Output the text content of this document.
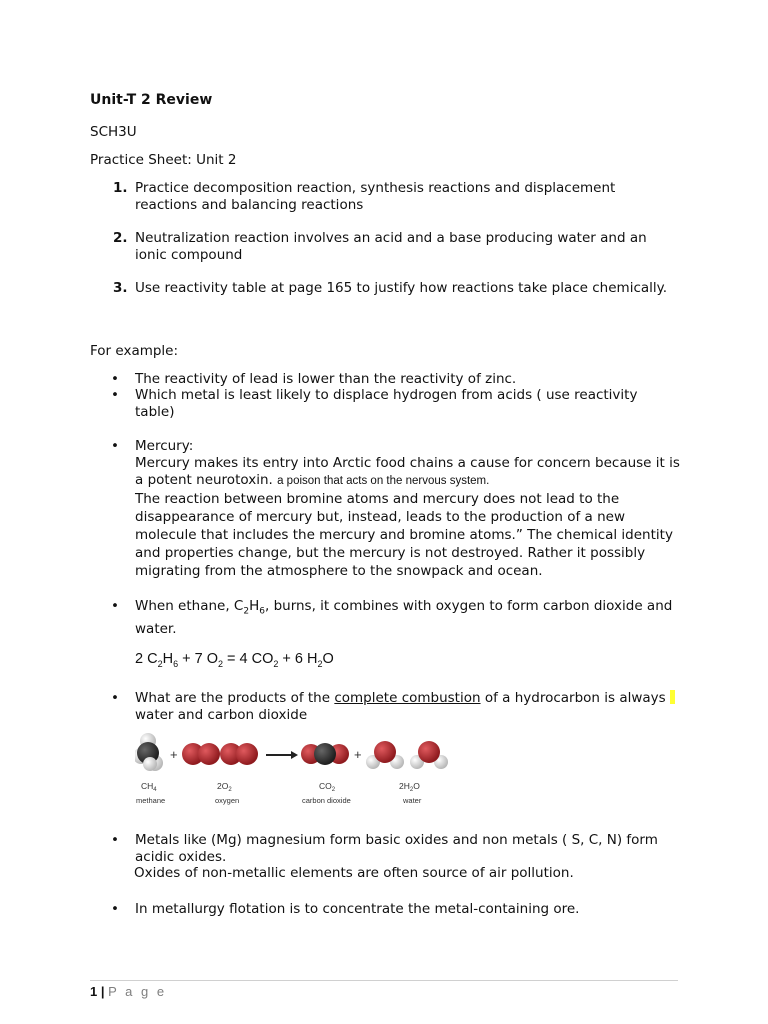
Unit-T 2 Review
SCH3U
Practice Sheet: Unit 2
1. Practice decomposition reaction, synthesis reactions and displacement reactions and balancing reactions
2. Neutralization reaction involves an acid and a base producing water and an ionic compound
3. Use reactivity table at page 165 to justify how reactions take place chemically.
For example:
• The reactivity of lead is lower than the reactivity of zinc.
• Which metal is least likely to displace hydrogen from acids ( use reactivity table)
• Mercury:
Mercury makes its entry into Arctic food chains a cause for concern because it is a potent neurotoxin. a poison that acts on the nervous system.
The reaction between bromine atoms and mercury does not lead to the disappearance of mercury but, instead, leads to the production of a new molecule that includes the mercury and bromine atoms.” The chemical identity and properties change, but the mercury is not destroyed. Rather it possibly migrating from the atmosphere to the snowpack and ocean.
• When ethane, $C_2H_6$, burns, it combines with oxygen to form carbon dioxide and water.
2 $C_2H_6 + 7$ $O_2 = 4$ $CO_2 + 6$ $H_2O$
• What are the products of the complete combustion of a hydrocarbon is always water and carbon dioxide
+	+
$CH_4$
methane
$2O_2$
oxygen
$CO_2$
carbon dioxide
$2H_2O$
water
• Metals like (Mg) magnesium form basic oxides and non metals ( S, C, N) form acidic oxides.
Oxides of non-metallic elements are often source of air pollution.
• In metallurgy flotation is to concentrate the metal-containing ore.
1 | P a g e
